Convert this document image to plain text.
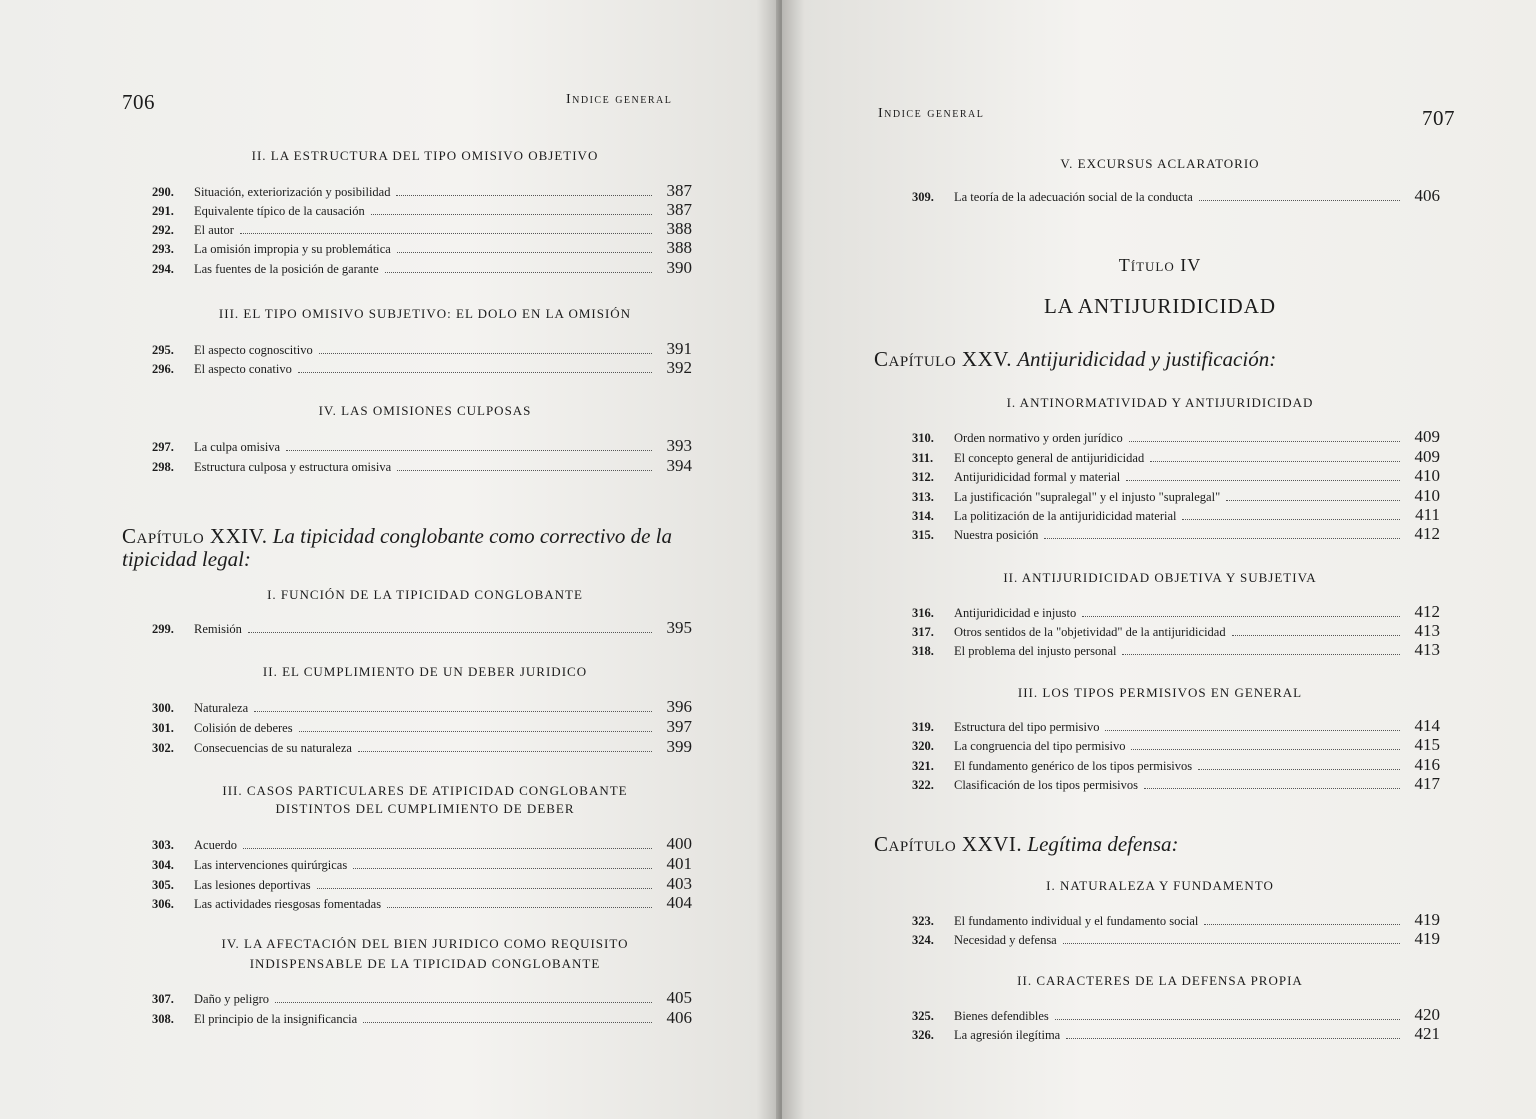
706	Indice general
Capítulo XXIV. La tipicidad conglobante como correctivo de la
tipicidad legal:
Indice general	707
Título IV
LA ANTIJURIDICIDAD
Capítulo XXV. Antijuridicidad y justificación:
Capítulo XXVI. Legítima defensa:
II. LA ESTRUCTURA DEL TIPO OMISIVO OBJETIVO
290.	Situación, exteriorización y posibilidad	387
291.	Equivalente típico de la causación	387
292.	El autor	388
293.	La omisión impropia y su problemática	388
294.	Las fuentes de la posición de garante	390
III. EL TIPO OMISIVO SUBJETIVO: EL DOLO EN LA OMISIÓN
295.	El aspecto cognoscitivo	391
296.	El aspecto conativo	392
IV. LAS OMISIONES CULPOSAS
297.	La culpa omisiva	393
298.	Estructura culposa y estructura omisiva	394
I. FUNCIÓN DE LA TIPICIDAD CONGLOBANTE
299.	Remisión	395
II. EL CUMPLIMIENTO DE UN DEBER JURIDICO
300.	Naturaleza	396
301.	Colisión de deberes	397
302.	Consecuencias de su naturaleza	399
III. CASOS PARTICULARES DE ATIPICIDAD CONGLOBANTE
DISTINTOS DEL CUMPLIMIENTO DE DEBER
303.	Acuerdo	400
304.	Las intervenciones quirúrgicas	401
305.	Las lesiones deportivas	403
306.	Las actividades riesgosas fomentadas	404
IV. LA AFECTACIÓN DEL BIEN JURIDICO COMO REQUISITO
INDISPENSABLE DE LA TIPICIDAD CONGLOBANTE
307.	Daño y peligro	405
308.	El principio de la insignificancia	406
V. EXCURSUS ACLARATORIO
309.	La teoría de la adecuación social de la conducta	406
I. ANTINORMATIVIDAD Y ANTIJURIDICIDAD
310.	Orden normativo y orden jurídico	409
311.	El concepto general de antijuridicidad	409
312.	Antijuridicidad formal y material	410
313.	La justificación "supralegal" y el injusto "supralegal"	410
314.	La politización de la antijuridicidad material	411
315.	Nuestra posición	412
II. ANTIJURIDICIDAD OBJETIVA Y SUBJETIVA
316.	Antijuridicidad e injusto	412
317.	Otros sentidos de la "objetividad" de la antijuridicidad	413
318.	El problema del injusto personal	413
III. LOS TIPOS PERMISIVOS EN GENERAL
319.	Estructura del tipo permisivo	414
320.	La congruencia del tipo permisivo	415
321.	El fundamento genérico de los tipos permisivos	416
322.	Clasificación de los tipos permisivos	417
I. NATURALEZA Y FUNDAMENTO
323.	El fundamento individual y el fundamento social	419
324.	Necesidad y defensa	419
II. CARACTERES DE LA DEFENSA PROPIA
325.	Bienes defendibles	420
326.	La agresión ilegítima	421
